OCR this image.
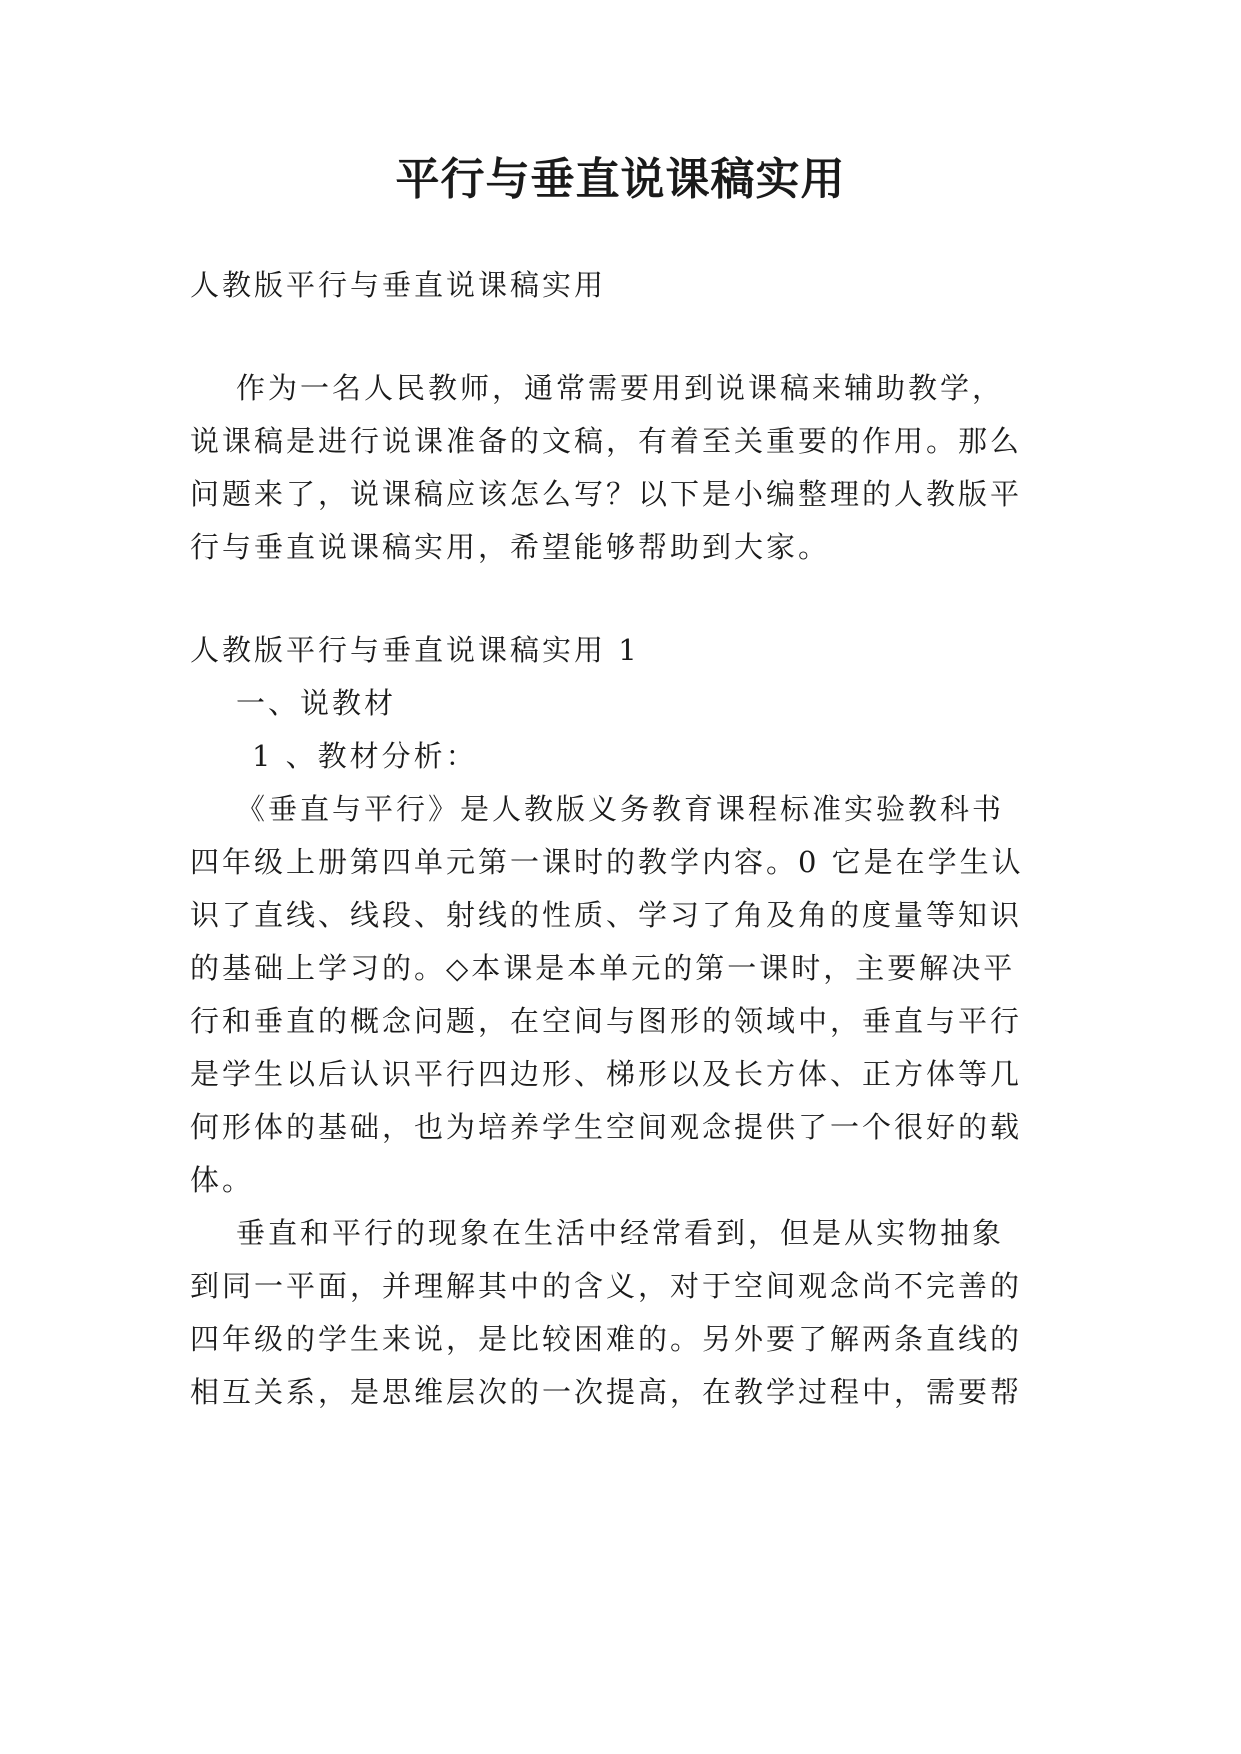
平行与垂直说课稿实用
人教版平行与垂直说课稿实用
作为一名人民教师，通常需要用到说课稿来辅助教学，
说课稿是进行说课准备的文稿，有着至关重要的作用。那么
问题来了，说课稿应该怎么写？以下是小编整理的人教版平
行与垂直说课稿实用，希望能够帮助到大家。
人教版平行与垂直说课稿实用 1
一、说教材
1 、教材分析：
《垂直与平行》是人教版义务教育课程标准实验教科书
四年级上册第四单元第一课时的教学内容。0 它是在学生认
识了直线、线段、射线的性质、学习了角及角的度量等知识
的基础上学习的。◇本课是本单元的第一课时，主要解决平
行和垂直的概念问题，在空间与图形的领域中，垂直与平行
是学生以后认识平行四边形、梯形以及长方体、正方体等几
何形体的基础，也为培养学生空间观念提供了一个很好的载
体。
垂直和平行的现象在生活中经常看到，但是从实物抽象
到同一平面，并理解其中的含义，对于空间观念尚不完善的
四年级的学生来说，是比较困难的。另外要了解两条直线的
相互关系，是思维层次的一次提高，在教学过程中，需要帮
